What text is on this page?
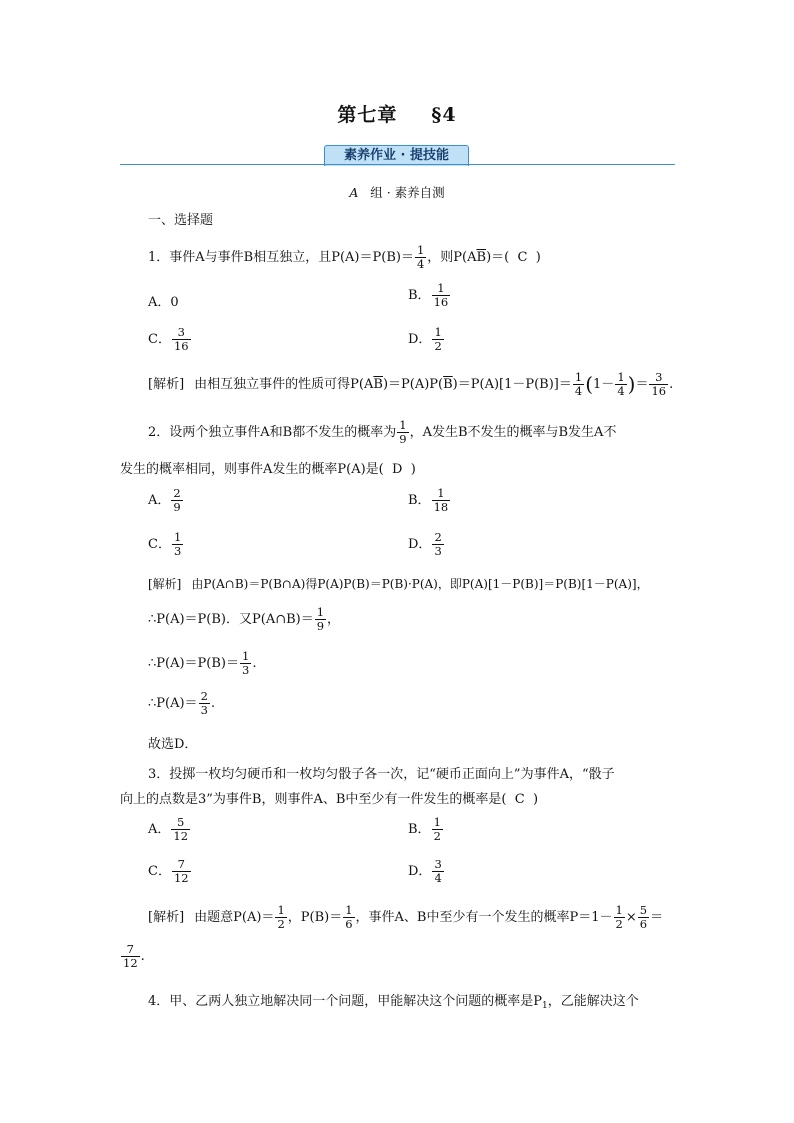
第七章 §4
素养作业 · 提技能
A 组 · 素养自测
一、选择题
1．事件A与事件B相互独立，且$P(A)=P(B)= \frac{1}{4}$ ，则$P(A\overline{B})=$( C )
A．0	B． $\frac{1}{16}$
C． $\frac{3}{16}$	D． $\frac{1}{2}$
[解析] 由相互独立事件的性质可得$P(A\overline{B})=P(A)P(\overline{B})=P(A)[1-P(B)]= \frac{1}{4} (1- \frac{1}{4}$ )＝ $\frac{3}{16}$ .
2．设两个独立事件A和B都不发生的概率为 $\frac{1}{9}$ ，A发生B不发生的概率与B发生A不
发生的概率相同，则事件A发生的概率P(A)是( D )
A． $\frac{2}{9}$	B． $\frac{1}{18}$
C． $\frac{1}{3}$	D． $\frac{2}{3}$
[解析] 由P(A∩B)＝P(B∩A)得P(A)P(B)＝P(B)·P(A)，即P(A)[1－P(B)]＝P(B)[1－P(A)]，
∴P(A)＝P(B)．又P(A∩B)＝ $\frac{1}{9}$ ，
∴P(A)＝P(B)＝ $\frac{1}{3}$ .
∴P(A)＝ $\frac{2}{3}$ .
故选D．
3．投掷一枚均匀硬币和一枚均匀骰子各一次，记“硬币正面向上”为事件A，“骰子
向上的点数是3”为事件B，则事件A、B中至少有一件发生的概率是( C )
A． $\frac{5}{12}$	B． $\frac{1}{2}$
C． $\frac{7}{12}$	D． $\frac{3}{4}$
[解析] 由题意$P(A)= \frac{1}{2}$ ，$P(B)= \frac{1}{6}$ ，事件A、B中至少有一个发生的概率$P=1- \frac{1}{2} \times \frac{5}{6}$ ＝
$\frac{7}{12}$ .
4．甲、乙两人独立地解决同一个问题，甲能解决这个问题的概率是$P_1$，乙能解决这个
